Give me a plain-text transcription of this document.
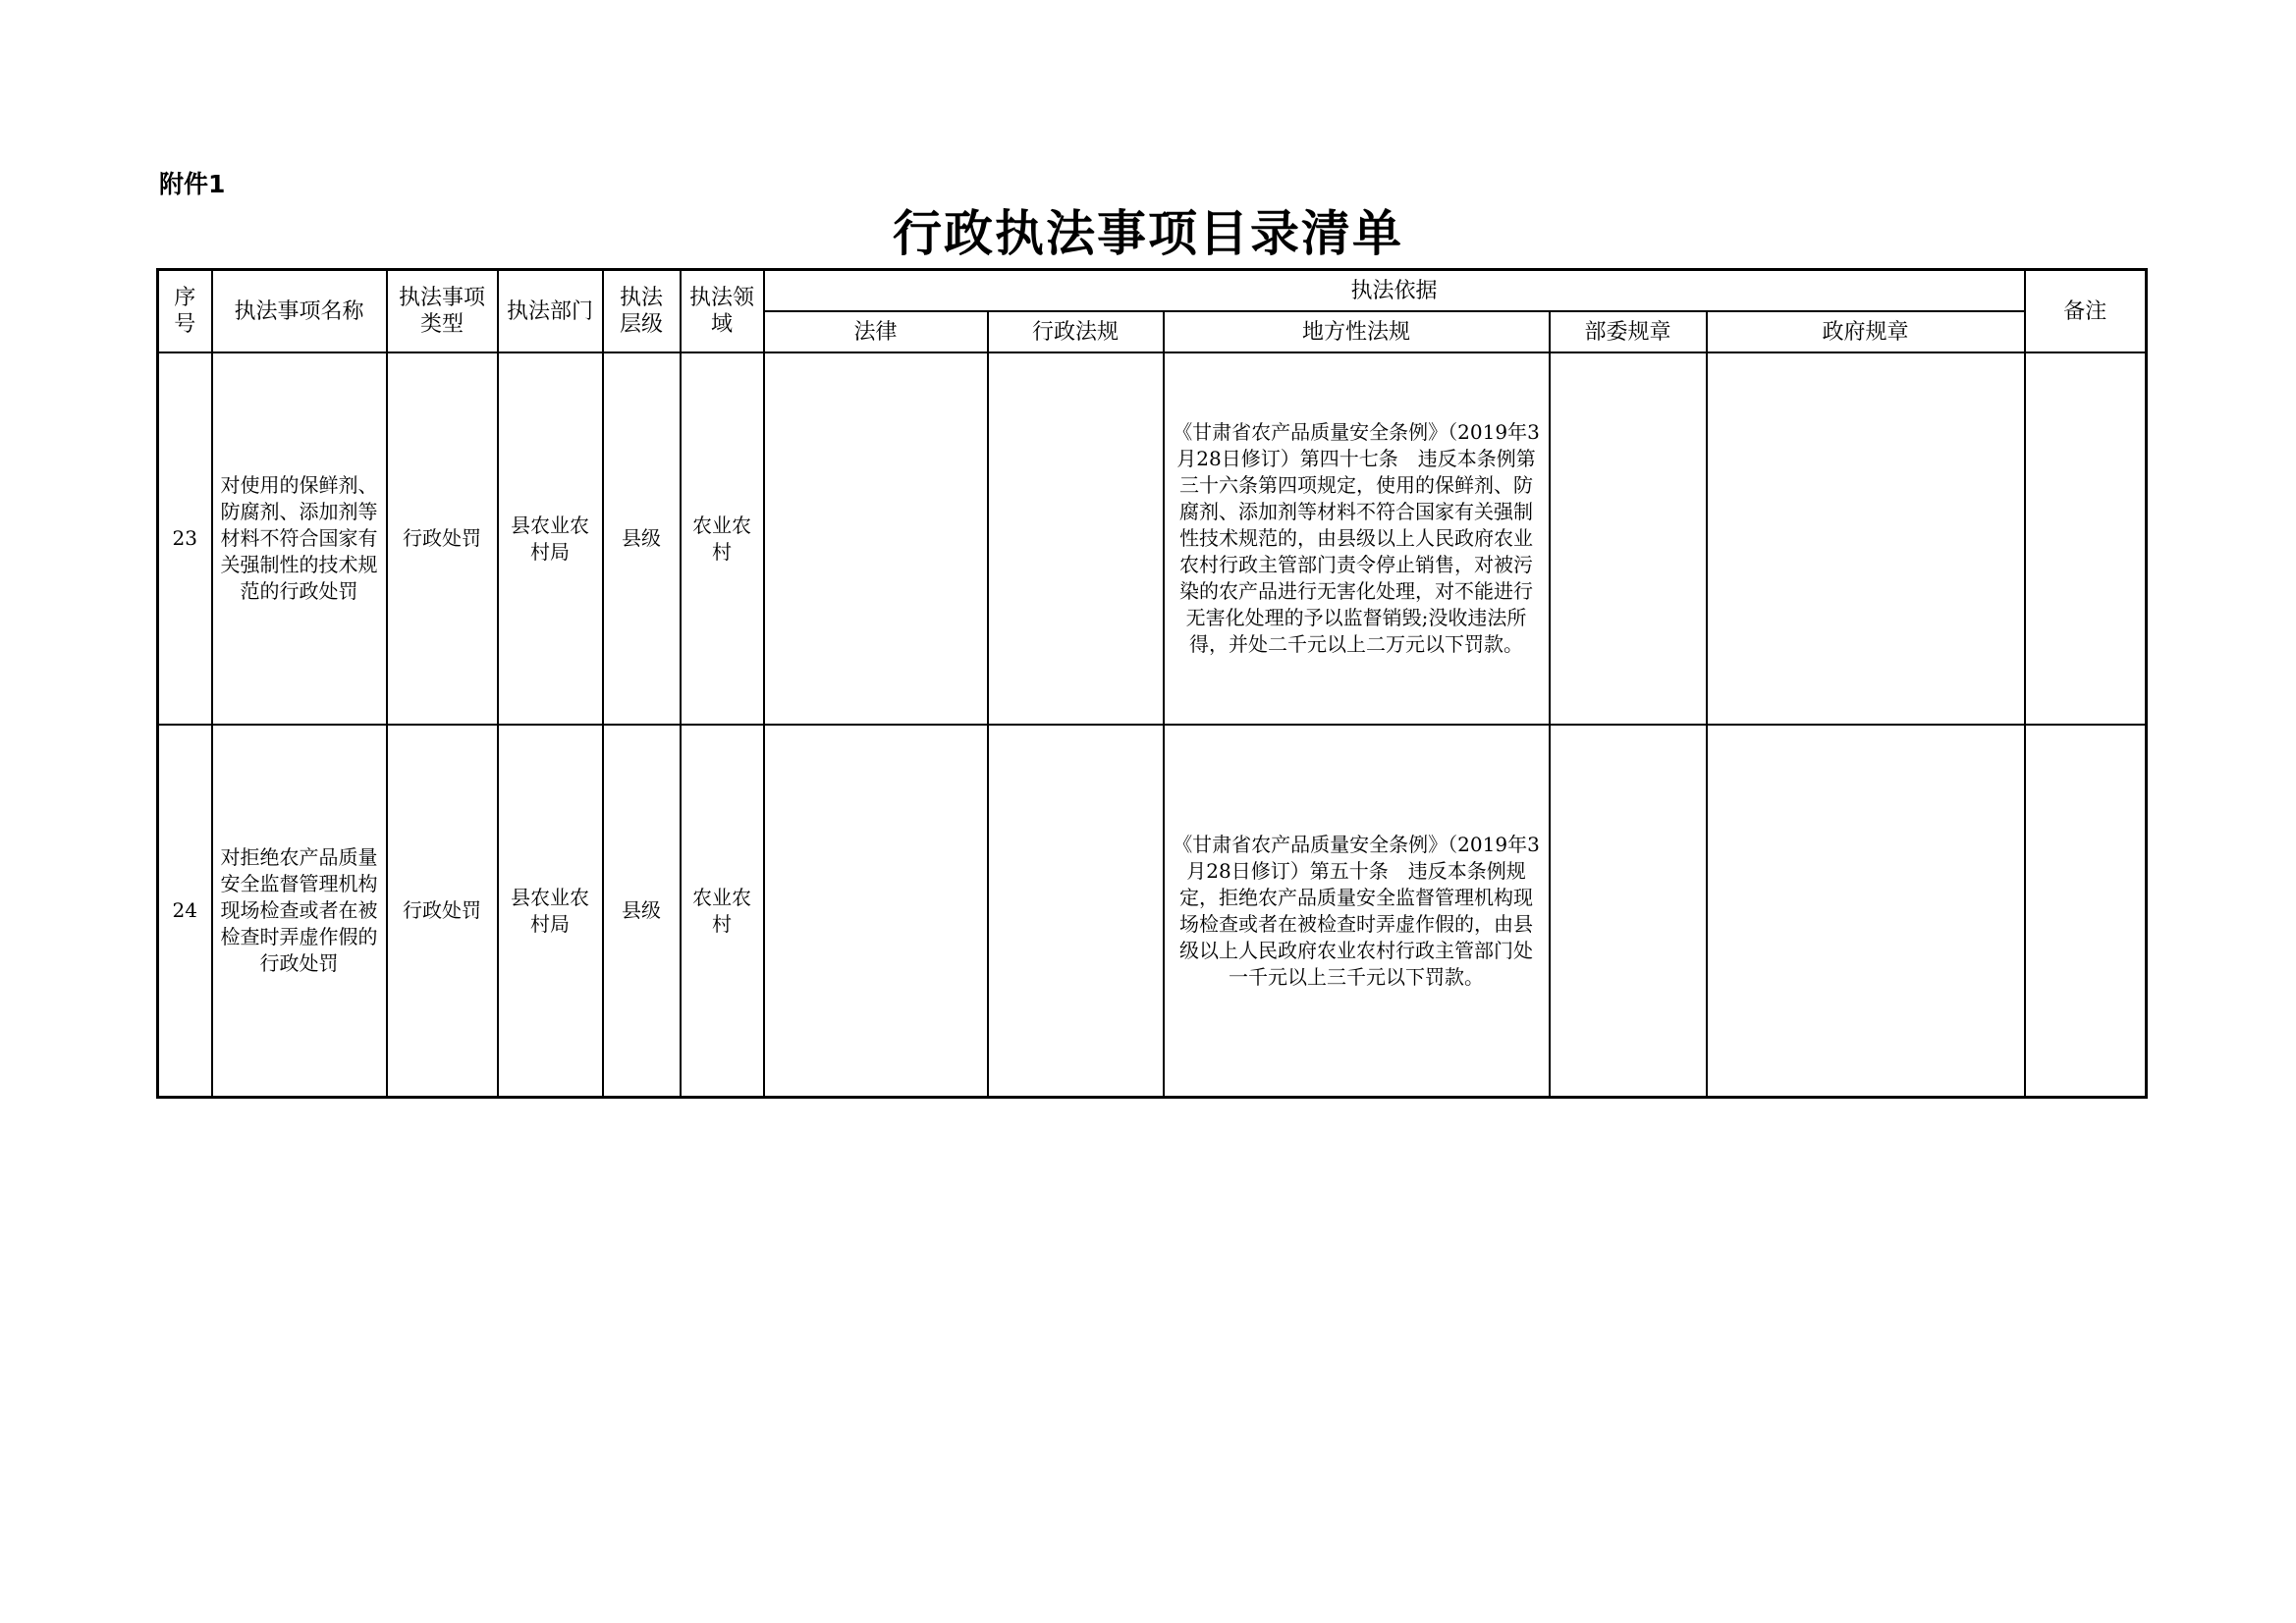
附件1
行政执法事项目录清单
序号	执法事项名称	执法事项类型	执法部门	执法层级	执法领域	执法依据					备注
						法律	行政法规	地方性法规	部委规章	政府规章	
23	对使用的保鲜剂、防腐剂、添加剂等材料不符合国家有关强制性的技术规范的行政处罚	行政处罚	县农业农村局	县级	农业农村			《甘肃省农产品质量安全条例》（2019年3月28日修订）第四十七条　违反本条例第三十六条第四项规定，使用的保鲜剂、防腐剂、添加剂等材料不符合国家有关强制性技术规范的，由县级以上人民政府农业农村行政主管部门责令停止销售，对被污染的农产品进行无害化处理，对不能进行无害化处理的予以监督销毁;没收违法所得，并处二千元以上二万元以下罚款。			
24	对拒绝农产品质量安全监督管理机构现场检查或者在被检查时弄虚作假的行政处罚	行政处罚	县农业农村局	县级	农业农村			《甘肃省农产品质量安全条例》（2019年3月28日修订）第五十条　违反本条例规定，拒绝农产品质量安全监督管理机构现场检查或者在被检查时弄虚作假的，由县级以上人民政府农业农村行政主管部门处一千元以上三千元以下罚款。			
